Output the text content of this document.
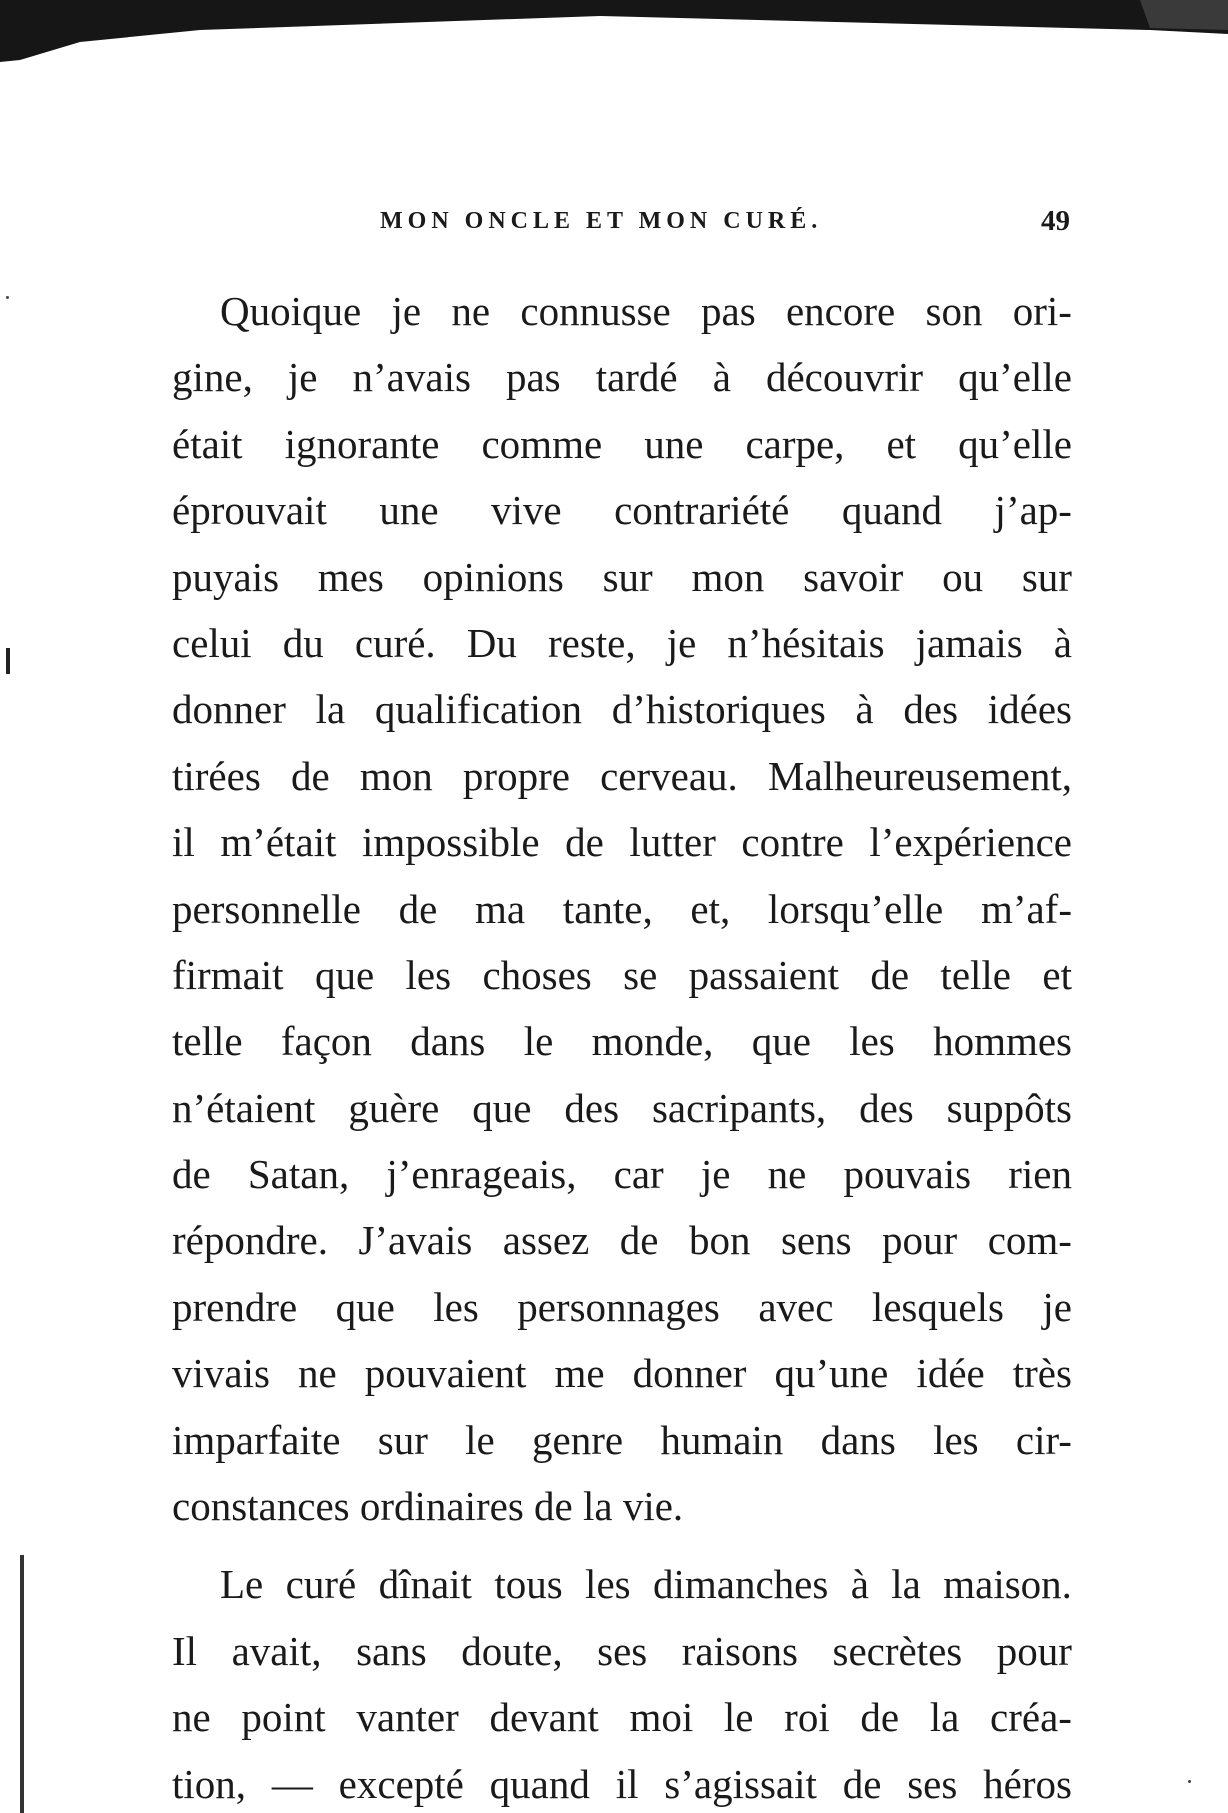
MON ONCLE ET MON CURÉ.	49
Quoique je ne connusse pas encore son ori-
gine, je n’avais pas tardé à découvrir qu’elle
était ignorante comme une carpe, et qu’elle
éprouvait une vive contrariété quand j’ap-
puyais mes opinions sur mon savoir ou sur
celui du curé. Du reste, je n’hésitais jamais à
donner la qualification d’historiques à des idées
tirées de mon propre cerveau. Malheureusement,
il m’était impossible de lutter contre l’expérience
personnelle de ma tante, et, lorsqu’elle m’af-
firmait que les choses se passaient de telle et
telle façon dans le monde, que les hommes
n’étaient guère que des sacripants, des suppôts
de Satan, j’enrageais, car je ne pouvais rien
répondre. J’avais assez de bon sens pour com-
prendre que les personnages avec lesquels je
vivais ne pouvaient me donner qu’une idée très
imparfaite sur le genre humain dans les cir-
constances ordinaires de la vie.
Le curé dînait tous les dimanches à la maison.
Il avait, sans doute, ses raisons secrètes pour
ne point vanter devant moi le roi de la créa-
tion, — excepté quand il s’agissait de ses héros
